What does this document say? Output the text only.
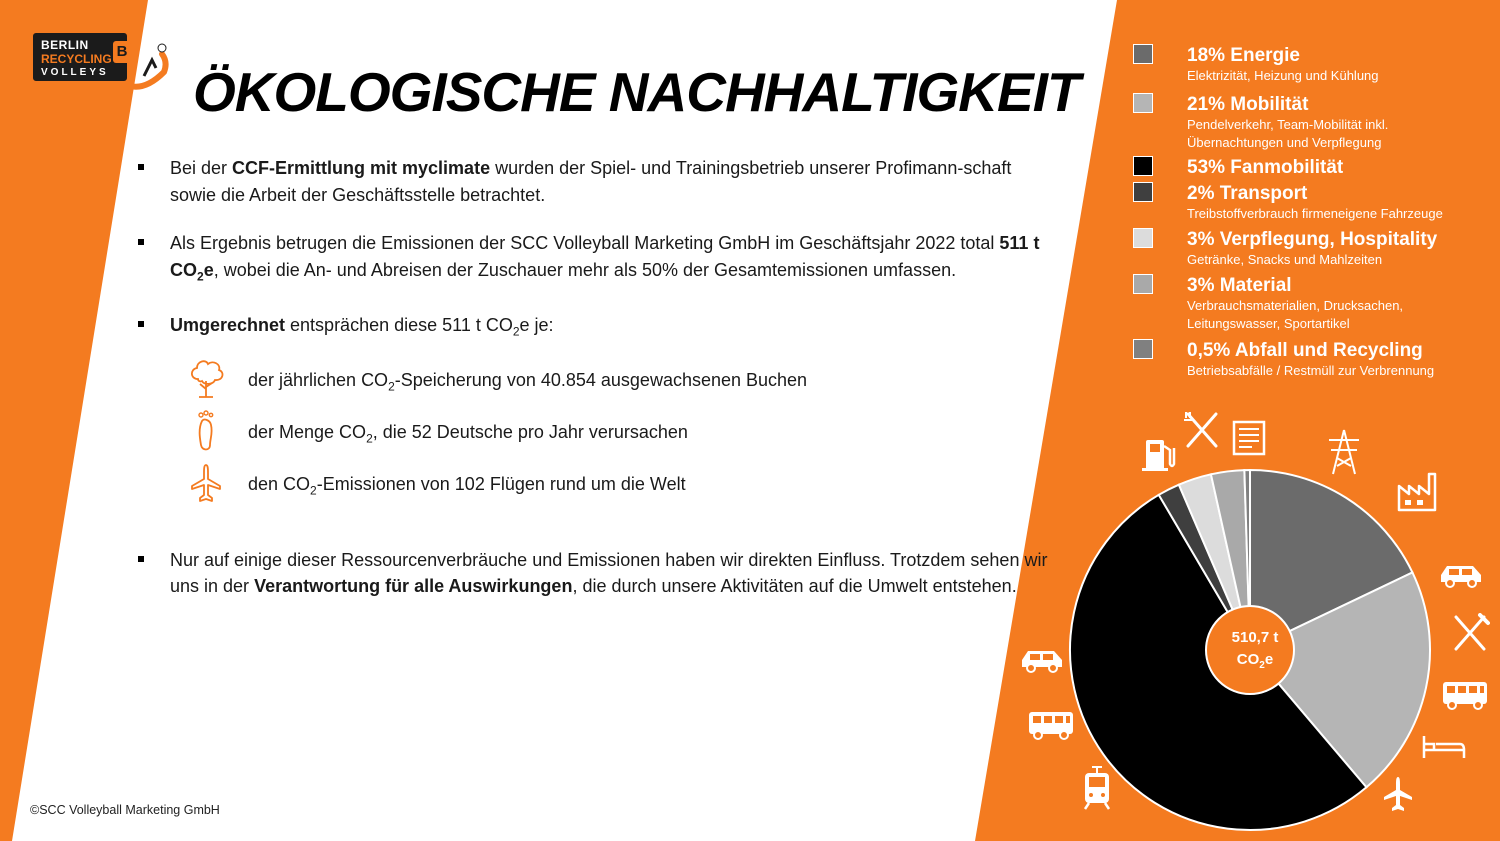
BERLIN
RECYCLING
VOLLEYS
B
ÖKOLOGISCHE NACHHALTIGKEIT
Bei der CCF-Ermittlung mit myclimate wurden der Spiel- und Trainingsbetrieb unserer Profimann-schaft sowie die Arbeit der Geschäftsstelle betrachtet.
Als Ergebnis betrugen die Emissionen der SCC Volleyball Marketing GmbH im Geschäftsjahr 2022 total 511 t $CO_2e$, wobei die An- und Abreisen der Zuschauer mehr als 50% der Gesamtemissionen umfassen.
Umgerechnet entsprächen diese 511 t $CO_2e$ je:
der jährlichen $CO_2$-Speicherung von 40.854 ausgewachsenen Buchen
der Menge $CO_2$, die 52 Deutsche pro Jahr verursachen
den $CO_2$-Emissionen von 102 Flügen rund um die Welt
Nur auf einige dieser Ressourcenverbräuche und Emissionen haben wir direkten Einfluss. Trotzdem sehen wir uns in der Verantwortung für alle Auswirkungen, die durch unsere Aktivitäten auf die Umwelt entstehen.
©SCC Volleyball Marketing GmbH
18% Energie
Elektrizität, Heizung und Kühlung
21% Mobilität
Pendelverkehr, Team-Mobilität inkl. Übernachtungen und Verpflegung
53% Fanmobilität
2% Transport
Treibstoffverbrauch firmeneigene Fahrzeuge
3% Verpflegung, Hospitality
Getränke, Snacks und Mahlzeiten
3% Material
Verbrauchsmaterialien, Drucksachen, Leitungswasser, Sportartikel
0,5% Abfall und Recycling
Betriebsabfälle / Restmüll zur Verbrennung
510,7 t
$CO_2e$
